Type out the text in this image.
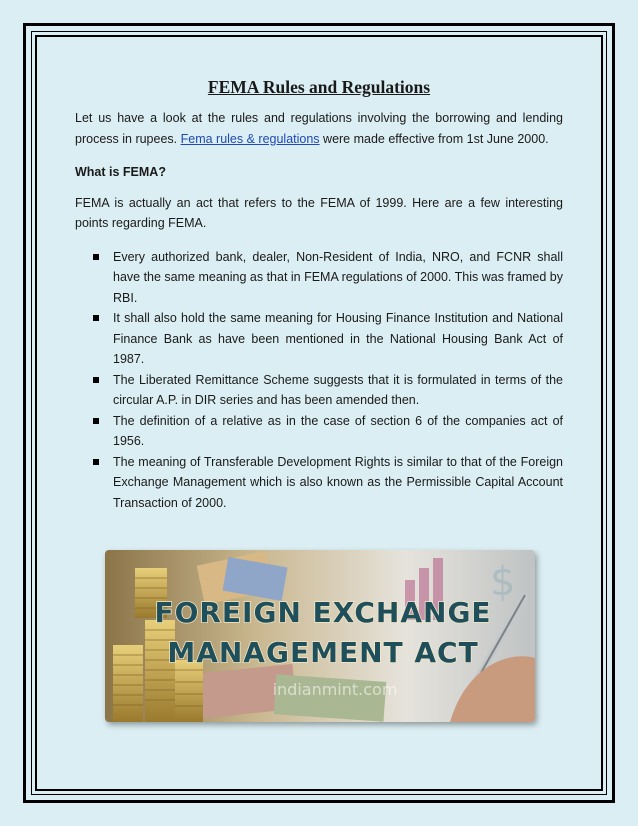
FEMA Rules and Regulations

Let us have a look at the rules and regulations involving the borrowing and lending process in rupees. Fema rules & regulations were made effective from 1st June 2000.

What is FEMA?

FEMA is actually an act that refers to the FEMA of 1999. Here are a few interesting points regarding FEMA.

Every authorized bank, dealer, Non-Resident of India, NRO, and FCNR shall have the same meaning as that in FEMA regulations of 2000. This was framed by RBI.
It shall also hold the same meaning for Housing Finance Institution and National Finance Bank as have been mentioned in the National Housing Bank Act of 1987.
The Liberated Remittance Scheme suggests that it is formulated in terms of the circular A.P. in DIR series and has been amended then.
The definition of a relative as in the case of section 6 of the companies act of 1956.
The meaning of Transferable Development Rights is similar to that of the Foreign Exchange Management which is also known as the Permissible Capital Account Transaction of 2000.
$
FOREIGN EXCHANGE
MANAGEMENT ACT
indianmint.com
